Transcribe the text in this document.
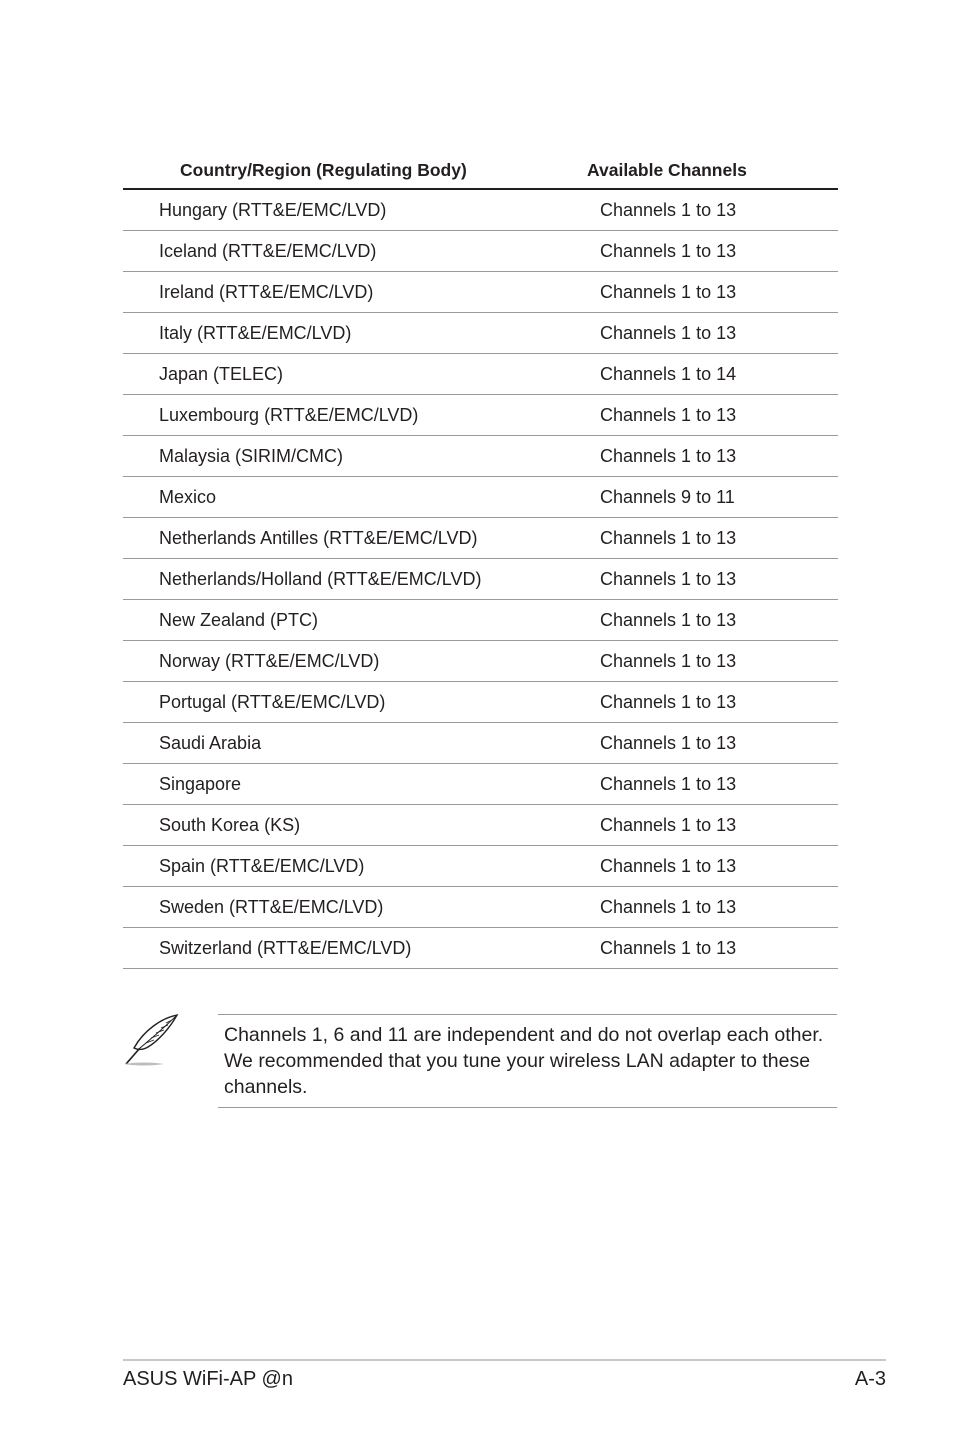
Country/Region (Regulating Body)	Available Channels
Hungary (RTT&E/EMC/LVD)	Channels 1 to 13
Iceland (RTT&E/EMC/LVD)	Channels 1 to 13
Ireland (RTT&E/EMC/LVD)	Channels 1 to 13
Italy (RTT&E/EMC/LVD)	Channels 1 to 13
Japan (TELEC)	Channels 1 to 14
Luxembourg (RTT&E/EMC/LVD)	Channels 1 to 13
Malaysia (SIRIM/CMC)	Channels 1 to 13
Mexico	Channels 9 to 11
Netherlands Antilles (RTT&E/EMC/LVD)	Channels 1 to 13
Netherlands/Holland (RTT&E/EMC/LVD)	Channels 1 to 13
New Zealand (PTC)	Channels 1 to 13
Norway (RTT&E/EMC/LVD)	Channels 1 to 13
Portugal (RTT&E/EMC/LVD)	Channels 1 to 13
Saudi Arabia	Channels 1 to 13
Singapore	Channels 1 to 13
South Korea (KS)	Channels 1 to 13
Spain (RTT&E/EMC/LVD)	Channels 1 to 13
Sweden (RTT&E/EMC/LVD)	Channels 1 to 13
Switzerland (RTT&E/EMC/LVD)	Channels 1 to 13
Channels 1, 6 and 11 are independent and do not overlap each other. We recommended that you tune your wireless LAN adapter to these channels.
ASUS WiFi-AP @n	A-3
